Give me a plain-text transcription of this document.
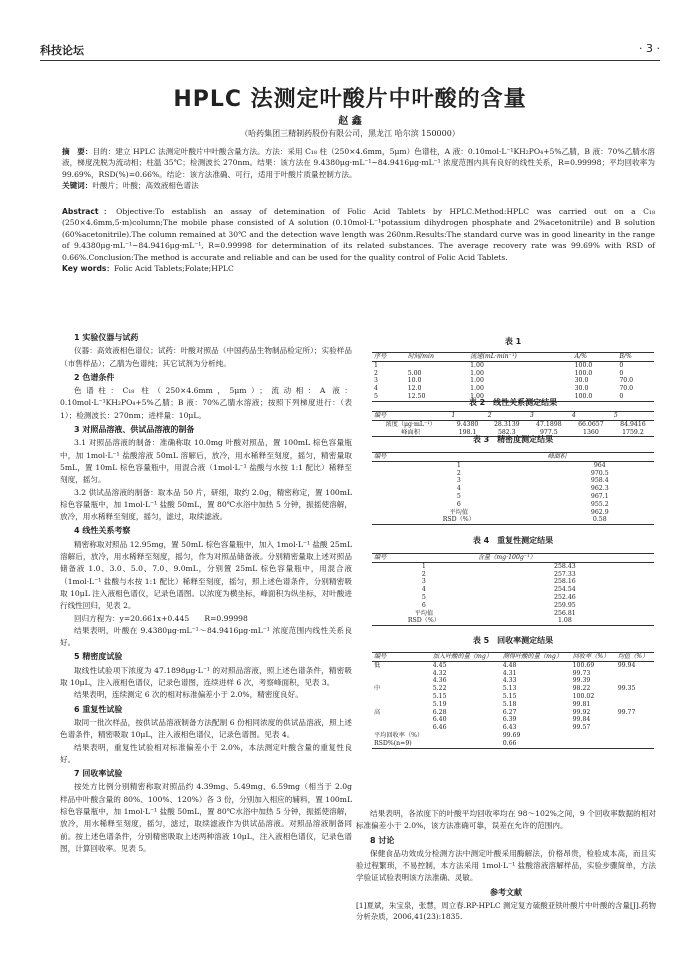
科技论坛	· 3 ·
HPLC 法测定叶酸片中叶酸的含量
赵 鑫
（哈药集团三精制药股份有限公司，黑龙江 哈尔滨 150000）
摘　要：目的：建立 HPLC 法测定叶酸片中叶酸含量方法。方法：采用 C₁₈ 柱（250×4.6mm，5μm）色谱柱，A 液：0.10mol·L⁻¹KH₂PO₄+5%乙腈，B 液：70%乙腈水溶液，梯度洗脱为流动相；柱温 35℃；检测波长 270nm。结果：该方法在 9.4380μg·mL⁻¹~84.9416μg·mL⁻¹ 浓度范围内具有良好的线性关系，R=0.99998；平均回收率为 99.69%，RSD(%)=0.66%。结论：该方法准确、可行，适用于叶酸片质量控制方法。
关键词：叶酸片；叶酸；高效液相色谱法
Abstract：Objective:To establish an assay of detemination of Folic Acid Tablets by HPLC.Method:HPLC was carried out on a C₁₈ (250×4.6mm,5·m)column;The mobile phase consisted of A solution (0.10mol·L⁻¹potassium dihydrogen phosphate and 2%acetonitrile) and B solution (60%acetonitrile).The column remained at 30℃ and the detection wave length was 260nm.Results:The standard curve was in good linearity in the range of 9.4380μg·mL⁻¹~84.9416μg·mL⁻¹, R=0.99998 for determination of its related substances. The average recovery rate was 99.69% with RSD of 0.66%.Conclusion:The method is accurate and reliable and can be used for the quality control of Folic Acid Tablets.
Key words：Folic Acid Tablets;Folate;HPLC
1 实验仪器与试药

仪器：高效液相色谱仪；试药：叶酸对照品（中国药品生物制品检定所）；实验样品（市售样品）；乙腈为色谱纯；其它试剂为分析纯。

2 色谱条件

色谱柱：C₁₈ 柱（250×4.6mm，5μm）；流动相：A 液：0.10mol·L⁻¹KH₂PO₄+5%乙腈；B 液：70%乙腈水溶液；按照下列梯度进行：（表 1）；检测波长：270nm；进样量：10μL。

3 对照品溶液、供试品溶液的制备

3.1 对照品溶液的制备：准确称取 10.0mg 叶酸对照品，置 100mL 棕色容量瓶中，加 1mol·L⁻¹ 盐酸溶液 50mL 溶解后，放冷，用水稀释至刻度，摇匀，精密量取 5mL，置 10mL 棕色容量瓶中，用混合液（1mol·L⁻¹ 盐酸与水按 1:1 配比）稀释至刻度，摇匀。

3.2 供试品溶液的制备：取本品 50 片，研细，取约 2.0g，精密称定，置 100mL 棕色容量瓶中，加 1mol·L⁻¹ 盐酸 50mL，置 80℃水浴中加热 5 分钟，振摇使溶解，放冷，用水稀释至刻度，摇匀，滤过，取续滤液。

4 线性关系考察

精密称取对照品 12.95mg，置 50mL 棕色容量瓶中，加入 1mol·L⁻¹ 盐酸 25mL 溶解后，放冷，用水稀释至刻度，摇匀，作为对照品储备液。分别精密量取上述对照品储备液 1.0、3.0、5.0、7.0、9.0mL，分别置 25mL 棕色容量瓶中，用混合液（1mol·L⁻¹ 盐酸与水按 1:1 配比）稀释至刻度，摇匀，照上述色谱条件，分别精密吸取 10μL 注入液相色谱仪，记录色谱图。以浓度为横坐标，峰面积为纵坐标，对叶酸进行线性回归，见表 2。

回归方程为：y=20.661x+0.445　　R=0.99998

结果表明，叶酸在 9.4380μg·mL⁻¹～84.9416μg·mL⁻¹ 浓度范围内线性关系良好。

5 精密度试验

取线性试验项下浓度为 47.1898μg·L⁻¹ 的对照品溶液，照上述色谱条件，精密吸取 10μL，注入液相色谱仪，记录色谱图，连续进样 6 次，考察峰面积，见表 3。

结果表明，连续测定 6 次的相对标准偏差小于 2.0%，精密度良好。

6 重复性试验

取同一批次样品，按供试品溶液制备方法配制 6 份相同浓度的供试品溶液，照上述色谱条件，精密吸取 10μL，注入液相色谱仪，记录色谱图。见表 4。

结果表明，重复性试验相对标准偏差小于 2.0%，本法测定叶酸含量的重复性良好。

7 回收率试验

按处方比例分别精密称取对照品约 4.39mg、5.49mg、6.59mg（相当于 2.0g 样品中叶酸含量的 80%、100%、120%）各 3 份，分别加入相应的辅料，置 100mL 棕色容量瓶中，加 1mol·L⁻¹ 盐酸 50mL，置 80℃水浴中加热 5 分钟，振摇使溶解，放冷，用水稀释至刻度，摇匀，滤过，取续滤液作为供试品溶液。对照品溶液制备同前。按上述色谱条件，分别精密吸取上述两种溶液 10μL，注入液相色谱仪，记录色谱图，计算回收率。见表 5。

表 1
序号	时间/min	流速(mL·min⁻¹)	A/%	B/%
1		1.00	100.0	0
2	5.00	1.00	100.0	0
3	10.0	1.00	30.0	70.0
4	12.0	1.00	30.0	70.0
5	12.50	1.00	100.0	0
表 2　线性关系测定结果
编号	1	2	3	4	5
浓度（μg·mL⁻¹）	9.4380	28.3139	47.1898	66.0657	84.9416
峰面积	198.1	582.3	977.5	1360	1759.2
表 3　精密度测定结果
编号	峰面积
1	964
2	970.5
3	958.4
4	962.3
5	967.1
6	955.2
平均值	962.9
RSD（%）	0.58
表 4　重复性测定结果
编号	含量（mg·100g⁻¹）
1	258.43
2	257.33
3	258.16
4	254.54
5	252.46
6	259.95
平均值	256.81
RSD（%）	1.08
表 5　回收率测定结果
编号	加入叶酸的量（mg）	测得叶酸的量（mg）	回收率（%）	均值（%）
低	4.45	4.48	100.69	99.94
	4.32	4.31	99.73	
	4.36	4.33	99.39	
中	5.22	5.13	98.22	99.35
	5.15	5.15	100.02	
	5.19	5.18	99.81	
高	6.28	6.27	99.92	99.77
	6.40	6.39	99.84	
	6.46	6.43	99.57	
平均回收率（%）		99.69		
RSD%(n=9)		0.66		

结果表明，各浓度下的叶酸平均回收率均在 98～102%之间，9 个回收率数据的相对标准偏差小于 2.0%，该方法准确可靠，误差在允许的范围内。

8 讨论

保健食品功效成分检测方法中测定叶酸采用酶解法，价格昂贵，检验成本高，而且实验过程繁琐，不易控制，本方法采用 1mol·L⁻¹ 盐酸溶液溶解样品，实验步骤简单，方法学验证试验表明该方法准确、灵敏。

参考文献
[1]夏斌，朱宝泉，张慧，周立春.RP-HPLC 测定复方硫酸亚铁叶酸片中叶酸的含量[J].药物分析杂质，2006,41(23):1835.
